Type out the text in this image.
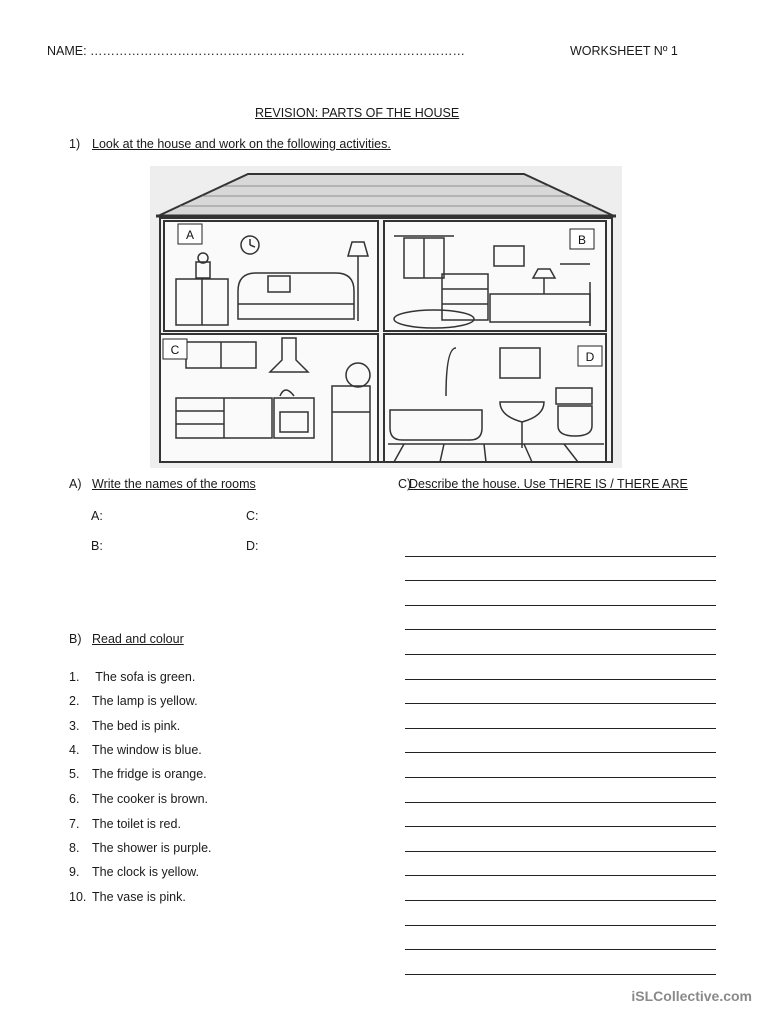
NAME: ………………………………………………………………………………	WORKSHEET Nº 1
REVISION: PARTS OF THE HOUSE
1) Look at the house and work on the following activities.
A	B
C	D
A) Write the names of the rooms
A:
B:
C:
D:
C)
Describe the house. Use THERE IS / THERE ARE
B) Read and colour
1. The sofa is green.
2. The lamp is yellow.
3. The bed is pink.
4. The window is blue.
5. The fridge is orange.
6. The cooker is brown.
7. The toilet is red.
8. The shower is purple.
9. The clock is yellow.
10. The vase is pink.
iSLCollective.com
